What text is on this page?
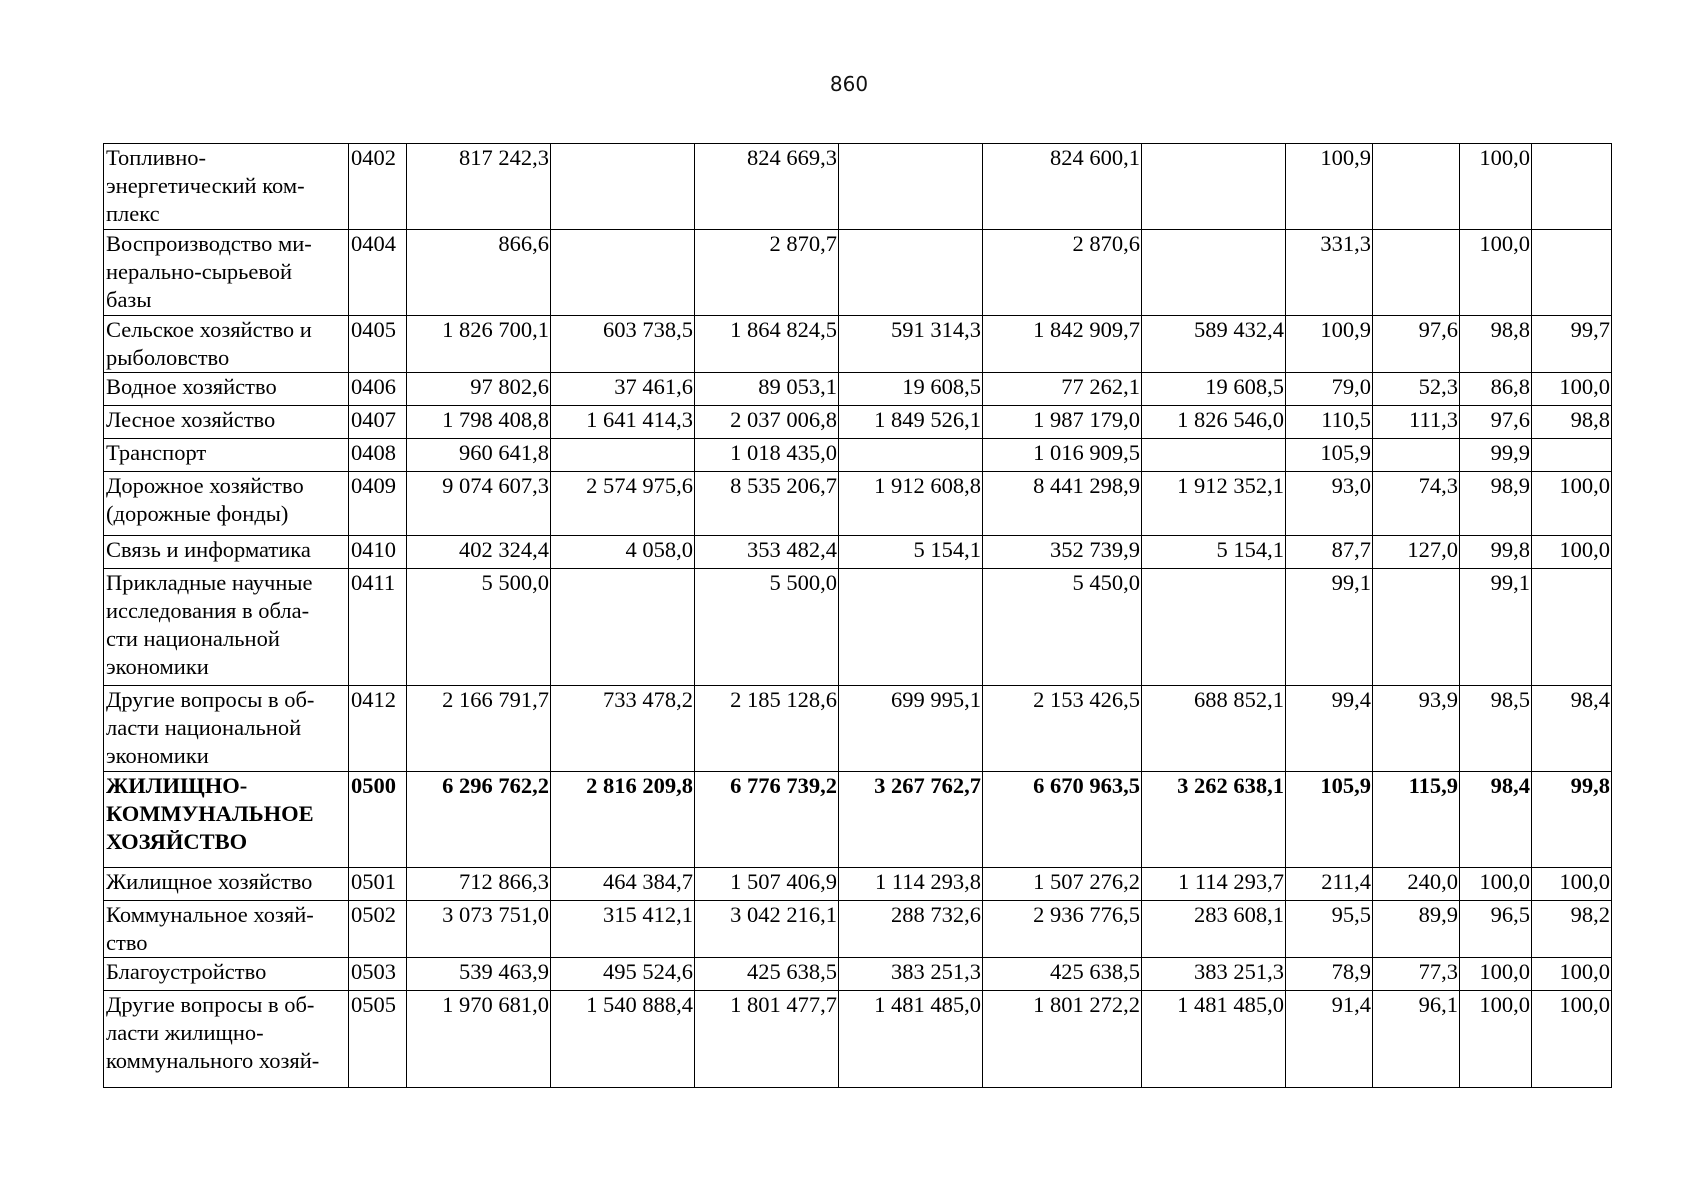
860
Топливно-
энергетический ком-
плекс	0402	817 242,3		824 669,3		824 600,1		100,9		100,0	
Воспроизводство ми-
нерально-сырьевой
базы	0404	866,6		2 870,7		2 870,6		331,3		100,0	
Сельское хозяйство и
рыболовство	0405	1 826 700,1	603 738,5	1 864 824,5	591 314,3	1 842 909,7	589 432,4	100,9	97,6	98,8	99,7
Водное хозяйство	0406	97 802,6	37 461,6	89 053,1	19 608,5	77 262,1	19 608,5	79,0	52,3	86,8	100,0
Лесное хозяйство	0407	1 798 408,8	1 641 414,3	2 037 006,8	1 849 526,1	1 987 179,0	1 826 546,0	110,5	111,3	97,6	98,8
Транспорт	0408	960 641,8		1 018 435,0		1 016 909,5		105,9		99,9	
Дорожное хозяйство
(дорожные фонды)	0409	9 074 607,3	2 574 975,6	8 535 206,7	1 912 608,8	8 441 298,9	1 912 352,1	93,0	74,3	98,9	100,0
Связь и информатика	0410	402 324,4	4 058,0	353 482,4	5 154,1	352 739,9	5 154,1	87,7	127,0	99,8	100,0
Прикладные научные
исследования в обла-
сти национальной
экономики	0411	5 500,0		5 500,0		5 450,0		99,1		99,1	
Другие вопросы в об-
ласти национальной
экономики	0412	2 166 791,7	733 478,2	2 185 128,6	699 995,1	2 153 426,5	688 852,1	99,4	93,9	98,5	98,4
ЖИЛИЩНО-
КОММУНАЛЬНОЕ
ХОЗЯЙСТВО	0500	6 296 762,2	2 816 209,8	6 776 739,2	3 267 762,7	6 670 963,5	3 262 638,1	105,9	115,9	98,4	99,8
Жилищное хозяйство	0501	712 866,3	464 384,7	1 507 406,9	1 114 293,8	1 507 276,2	1 114 293,7	211,4	240,0	100,0	100,0
Коммунальное хозяй-
ство	0502	3 073 751,0	315 412,1	3 042 216,1	288 732,6	2 936 776,5	283 608,1	95,5	89,9	96,5	98,2
Благоустройство	0503	539 463,9	495 524,6	425 638,5	383 251,3	425 638,5	383 251,3	78,9	77,3	100,0	100,0
Другие вопросы в об-
ласти жилищно-
коммунального хозяй-	0505	1 970 681,0	1 540 888,4	1 801 477,7	1 481 485,0	1 801 272,2	1 481 485,0	91,4	96,1	100,0	100,0
